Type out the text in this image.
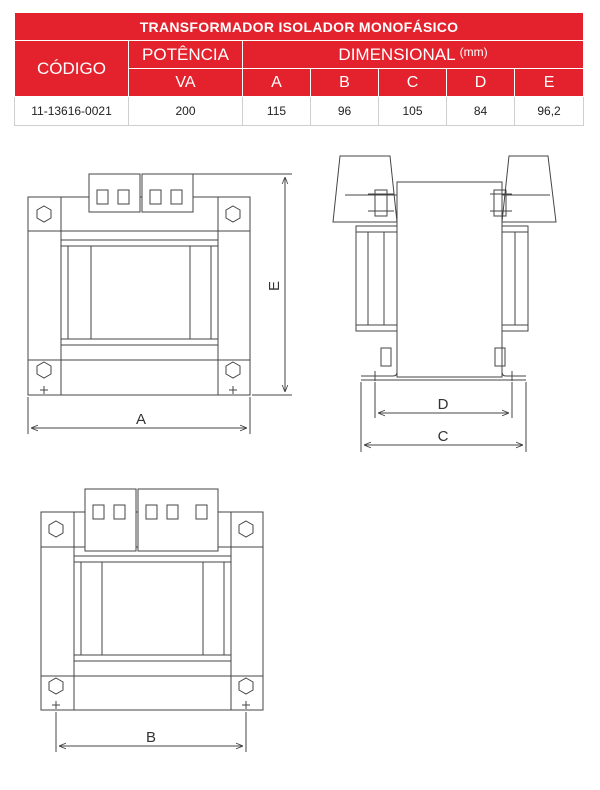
TRANSFORMADOR ISOLADOR MONOFÁSICO						
CÓDIGO	POTÊNCIA	DIMENSIONAL $^{(mm)}$
	VA	A	B	C	D	E
11-13616-0021	200	115	96	105	84	96,2
E
A
D
C
B
